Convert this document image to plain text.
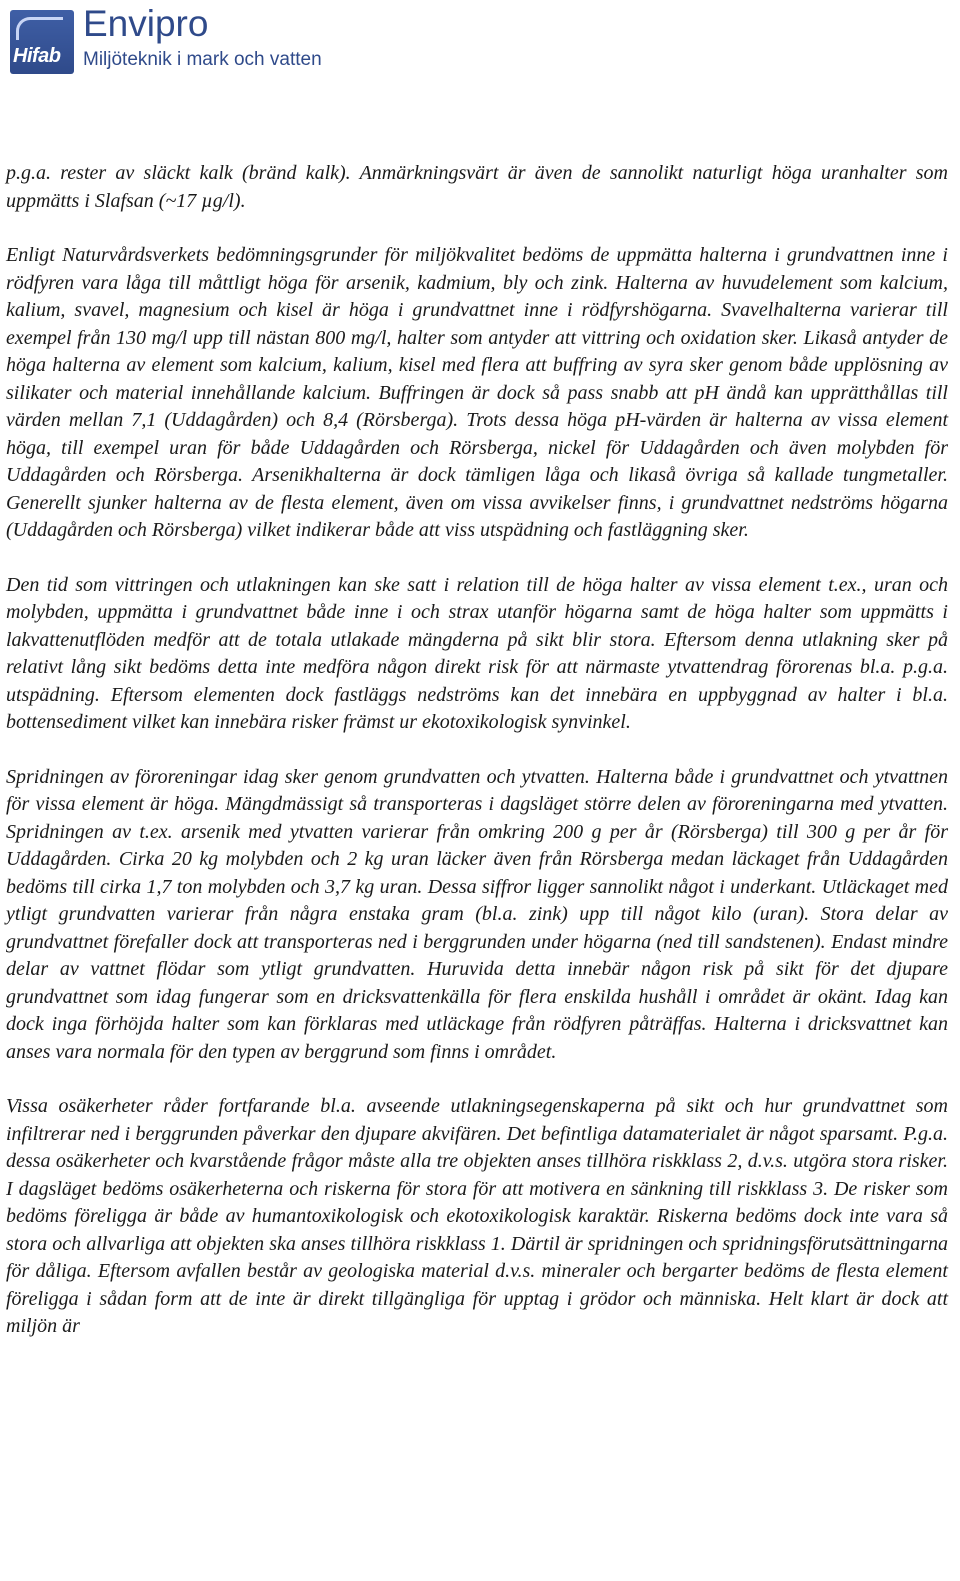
Hifab
Envipro
Miljöteknik i mark och vatten

p.g.a. rester av släckt kalk (bränd kalk). Anmärkningsvärt är även de sannolikt naturligt höga uranhalter som uppmätts i Slafsan (~17 µg/l).

Enligt Naturvårdsverkets bedömningsgrunder för miljökvalitet bedöms de uppmätta halterna i grundvattnen inne i rödfyren vara låga till måttligt höga för arsenik, kadmium, bly och zink. Halterna av huvudelement som kalcium, kalium, svavel, magnesium och kisel är höga i grundvattnet inne i rödfyrshögarna. Svavelhalterna varierar till exempel från 130 mg/l upp till nästan 800 mg/l, halter som antyder att vittring och oxidation sker. Likaså antyder de höga halterna av element som kalcium, kalium, kisel med flera att buffring av syra sker genom både upplösning av silikater och material innehållande kalcium. Buffringen är dock så pass snabb att pH ändå kan upprätthållas till värden mellan 7,1 (Uddagården) och 8,4 (Rörsberga). Trots dessa höga pH-värden är halterna av vissa element höga, till exempel uran för både Uddagården och Rörsberga, nickel för Uddagården och även molybden för Uddagården och Rörsberga. Arsenikhalterna är dock tämligen låga och likaså övriga så kallade tungmetaller. Generellt sjunker halterna av de flesta element, även om vissa avvikelser finns, i grundvattnet nedströms högarna (Uddagården och Rörsberga) vilket indikerar både att viss utspädning och fastläggning sker.

Den tid som vittringen och utlakningen kan ske satt i relation till de höga halter av vissa element t.ex., uran och molybden, uppmätta i grundvattnet både inne i och strax utanför högarna samt de höga halter som uppmätts i lakvattenutflöden medför att de totala utlakade mängderna på sikt blir stora. Eftersom denna utlakning sker på relativt lång sikt bedöms detta inte medföra någon direkt risk för att närmaste ytvattendrag förorenas bl.a. p.g.a. utspädning. Eftersom elementen dock fastläggs nedströms kan det innebära en uppbyggnad av halter i bl.a. bottensediment vilket kan innebära risker främst ur ekotoxikologisk synvinkel.

Spridningen av föroreningar idag sker genom grundvatten och ytvatten. Halterna både i grundvattnet och ytvattnen för vissa element är höga. Mängdmässigt så transporteras i dagsläget större delen av föroreningarna med ytvatten. Spridningen av t.ex. arsenik med ytvatten varierar från omkring 200 g per år (Rörsberga) till 300 g per år för Uddagården. Cirka 20 kg molybden och 2 kg uran läcker även från Rörsberga medan läckaget från Uddagården bedöms till cirka 1,7 ton molybden och 3,7 kg uran. Dessa siffror ligger sannolikt något i underkant. Utläckaget med ytligt grundvatten varierar från några enstaka gram (bl.a. zink) upp till något kilo (uran). Stora delar av grundvattnet förefaller dock att transporteras ned i berggrunden under högarna (ned till sandstenen). Endast mindre delar av vattnet flödar som ytligt grundvatten. Huruvida detta innebär någon risk på sikt för det djupare grundvattnet som idag fungerar som en dricksvattenkälla för flera enskilda hushåll i området är okänt. Idag kan dock inga förhöjda halter som kan förklaras med utläckage från rödfyren påträffas. Halterna i dricksvattnet kan anses vara normala för den typen av berggrund som finns i området.

Vissa osäkerheter råder fortfarande bl.a. avseende utlakningsegenskaperna på sikt och hur grundvattnet som infiltrerar ned i berggrunden påverkar den djupare akvifären. Det befintliga datamaterialet är något sparsamt. P.g.a. dessa osäkerheter och kvarstående frågor måste alla tre objekten anses tillhöra riskklass 2, d.v.s. utgöra stora risker. I dagsläget bedöms osäkerheterna och riskerna för stora för att motivera en sänkning till riskklass 3. De risker som bedöms föreligga är både av humantoxikologisk och ekotoxikologisk karaktär. Riskerna bedöms dock inte vara så stora och allvarliga att objekten ska anses tillhöra riskklass 1. Därtil är spridningen och spridningsförutsättningarna för dåliga. Eftersom avfallen består av geologiska material d.v.s. mineraler och bergarter bedöms de flesta element föreligga i sådan form att de inte är direkt tillgängliga för upptag i grödor och människa. Helt klart är dock att miljön är
